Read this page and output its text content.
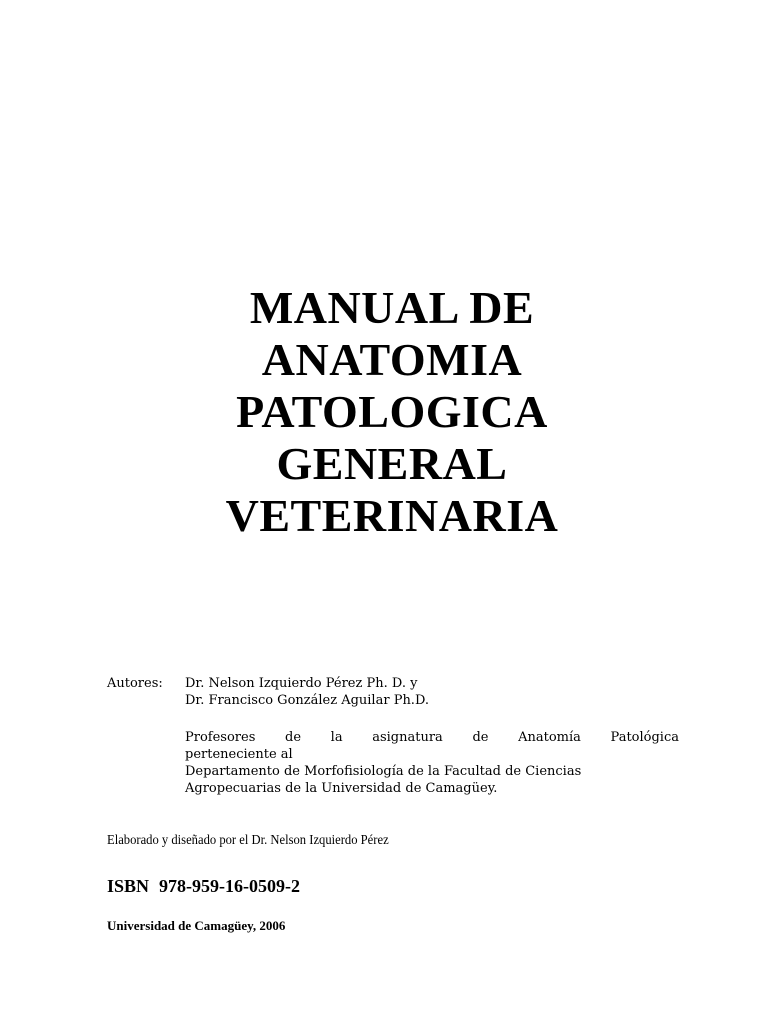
MANUAL DE
ANATOMIA
PATOLOGICA
GENERAL
VETERINARIA
Autores:	Dr. Nelson Izquierdo Pérez Ph. D. y
Dr. Francisco González Aguilar Ph.D.
Profesores de la asignatura de Anatomía Patológica
perteneciente al
Departamento de Morfofisiología de la Facultad de Ciencias
Agropecuarias de la Universidad de Camagüey.
Elaborado y diseñado por el Dr. Nelson Izquierdo Pérez
ISBN 978-959-16-0509-2
Universidad de Camagüey, 2006
